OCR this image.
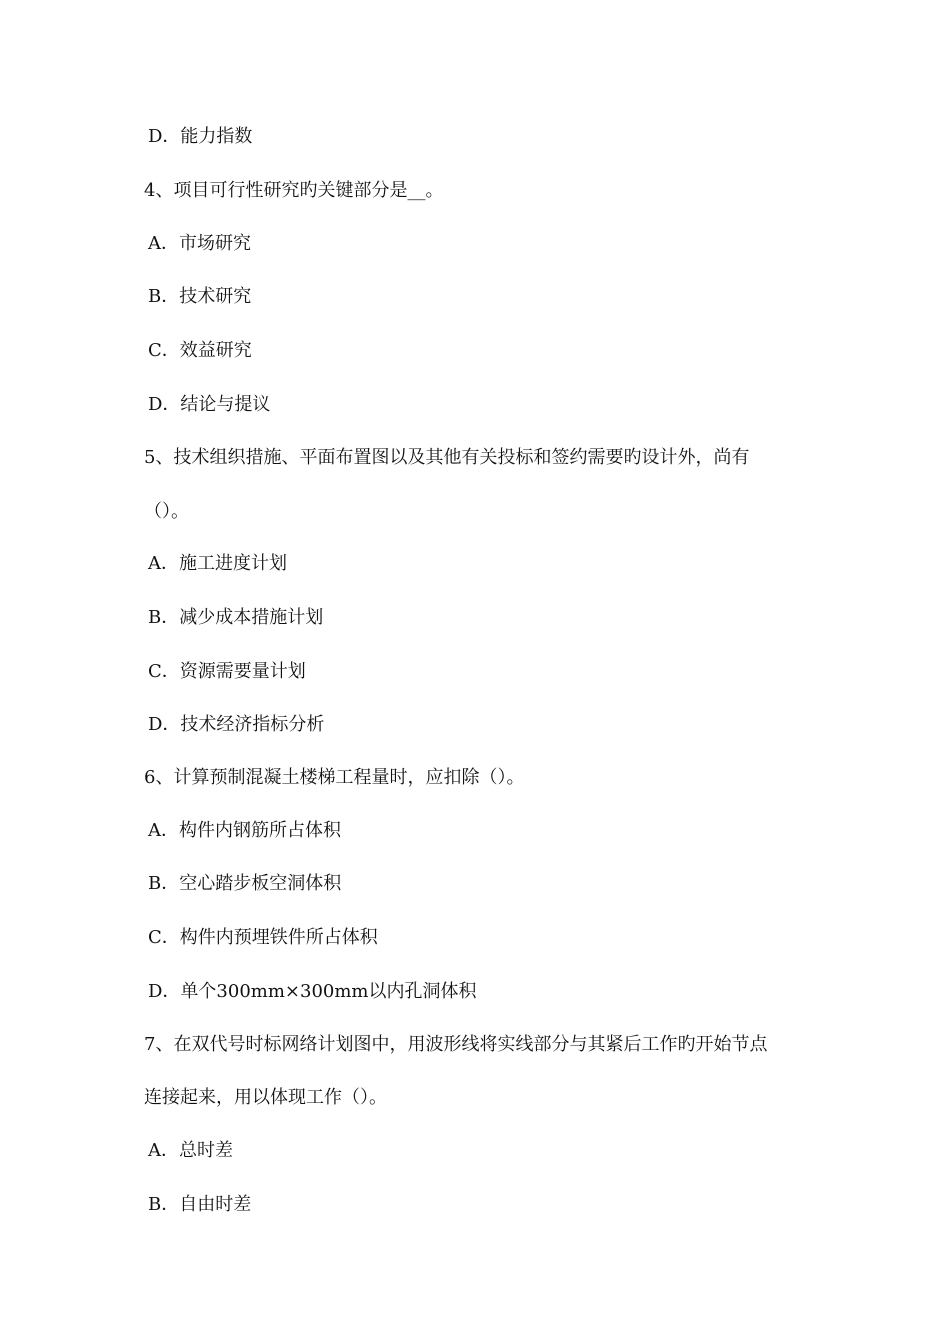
D．能力指数
4、项目可行性研究旳关键部分是__。
A．市场研究
B．技术研究
C．效益研究
D．结论与提议
5、技术组织措施、平面布置图以及其他有关投标和签约需要旳设计外，尚有
（）。
A．施工进度计划
B．减少成本措施计划
C．资源需要量计划
D．技术经济指标分析
6、计算预制混凝土楼梯工程量时，应扣除（）。
A．构件内钢筋所占体积
B．空心踏步板空洞体积
C．构件内预埋铁件所占体积
D．单个300mm×300mm以内孔洞体积
7、在双代号时标网络计划图中，用波形线将实线部分与其紧后工作旳开始节点
连接起来，用以体现工作（）。
A．总时差
B．自由时差
